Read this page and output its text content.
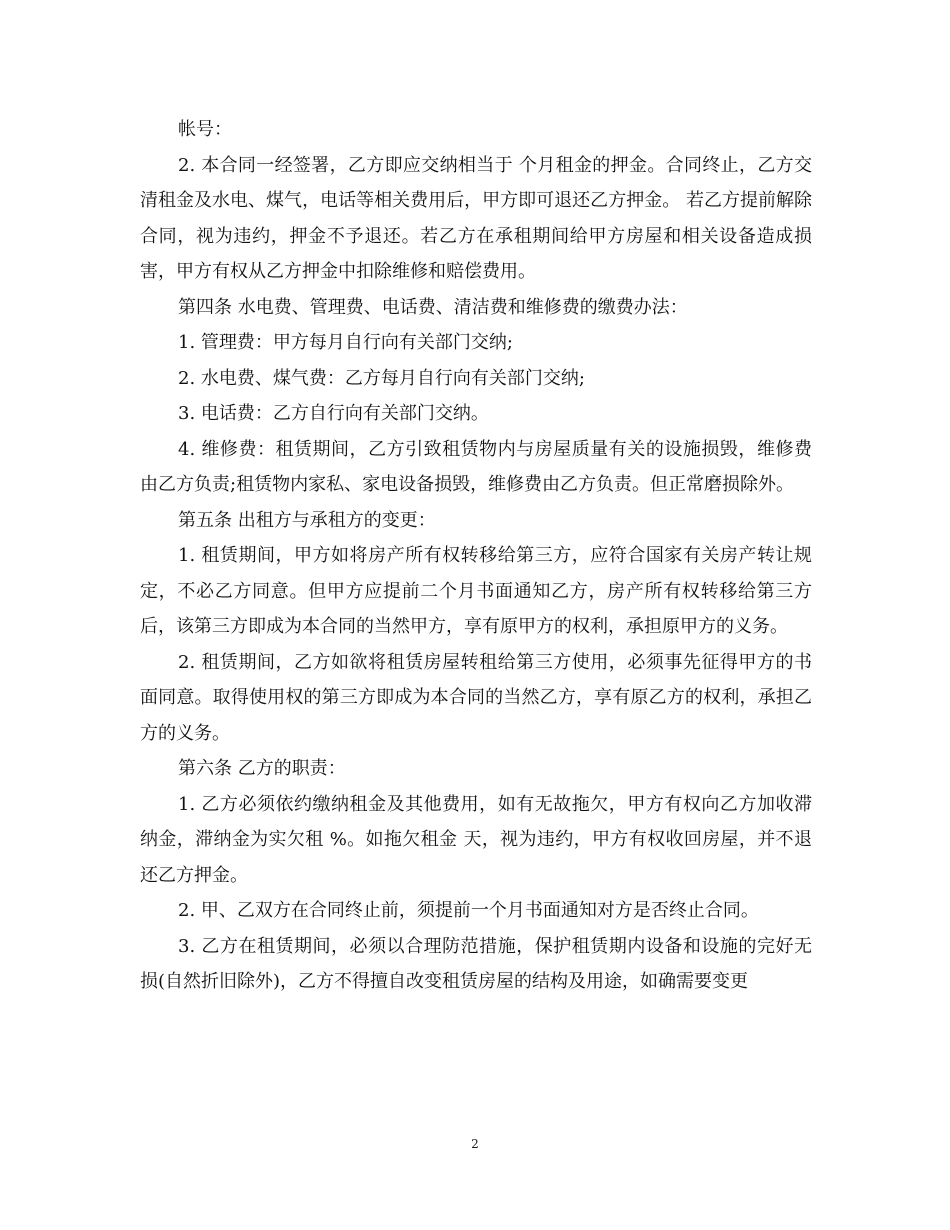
帐号：

2. 本合同一经签署，乙方即应交纳相当于 个月租金的押金。合同终止，乙方交清租金及水电、煤气，电话等相关费用后，甲方即可退还乙方押金。 若乙方提前解除合同，视为违约，押金不予退还。若乙方在承租期间给甲方房屋和相关设备造成损害，甲方有权从乙方押金中扣除维修和赔偿费用。

第四条 水电费、管理费、电话费、清洁费和维修费的缴费办法：

1. 管理费：甲方每月自行向有关部门交纳;

2. 水电费、煤气费：乙方每月自行向有关部门交纳;

3. 电话费：乙方自行向有关部门交纳。

4. 维修费：租赁期间，乙方引致租赁物内与房屋质量有关的设施损毁，维修费由乙方负责;租赁物内家私、家电设备损毁，维修费由乙方负责。但正常磨损除外。

第五条 出租方与承租方的变更：

1. 租赁期间，甲方如将房产所有权转移给第三方，应符合国家有关房产转让规定，不必乙方同意。但甲方应提前二个月书面通知乙方，房产所有权转移给第三方后，该第三方即成为本合同的当然甲方，享有原甲方的权利，承担原甲方的义务。

2. 租赁期间，乙方如欲将租赁房屋转租给第三方使用，必须事先征得甲方的书面同意。取得使用权的第三方即成为本合同的当然乙方，享有原乙方的权利，承担乙方的义务。

第六条 乙方的职责：

1. 乙方必须依约缴纳租金及其他费用，如有无故拖欠，甲方有权向乙方加收滞纳金，滞纳金为实欠租 %。如拖欠租金 天，视为违约，甲方有权收回房屋，并不退还乙方押金。

2. 甲、乙双方在合同终止前，须提前一个月书面通知对方是否终止合同。

3. 乙方在租赁期间，必须以合理防范措施，保护租赁期内设备和设施的完好无损(自然折旧除外)，乙方不得擅自改变租赁房屋的结构及用途，如确需要变更

2
